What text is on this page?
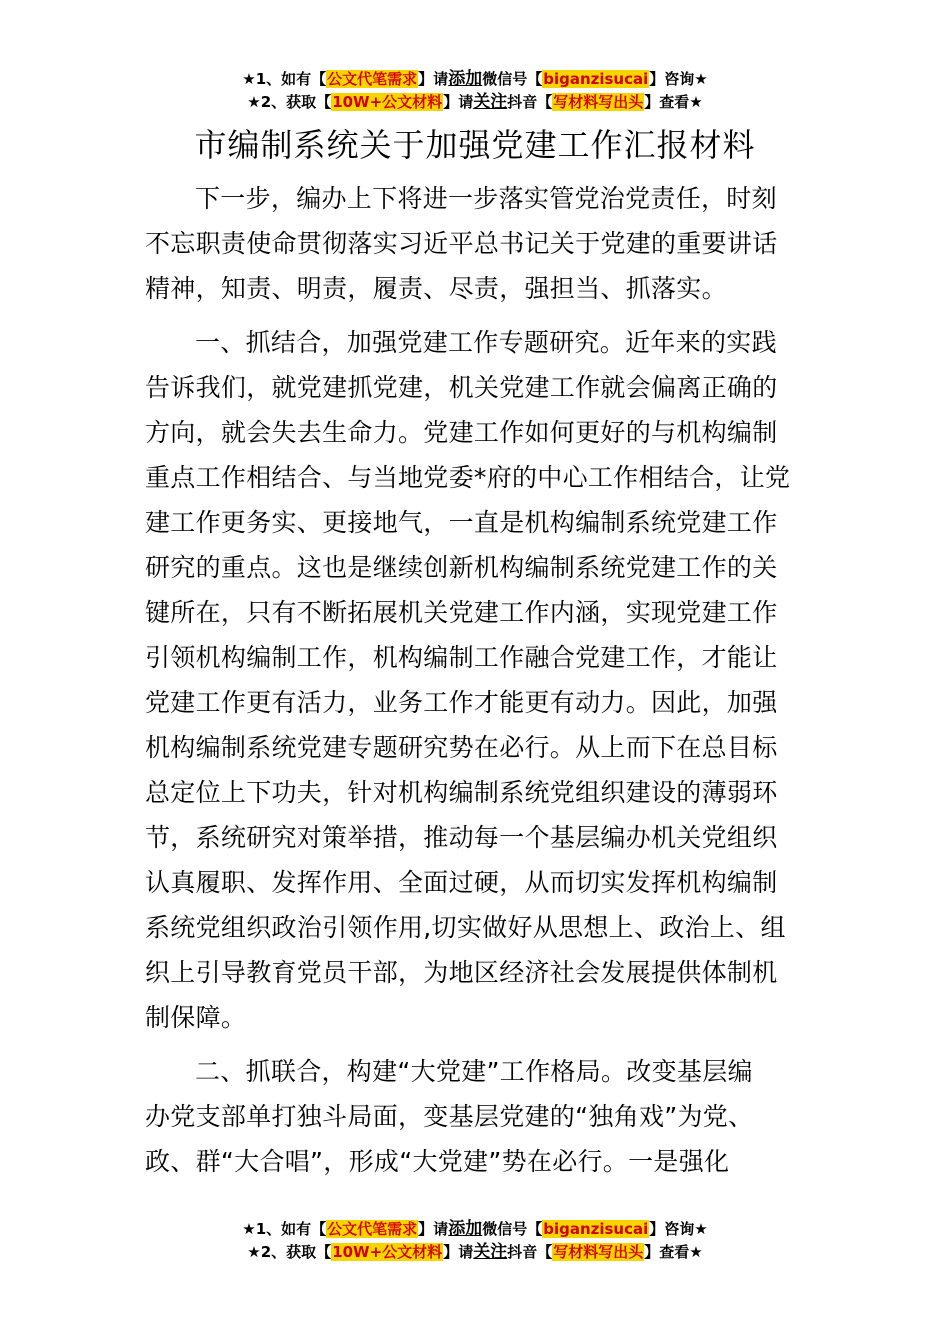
★1、如有【公文代笔需求】请添加微信号【biganzisucai】咨询★
★2、获取【10W+公文材料】请关注抖音【写材料写出头】查看★
市编制系统关于加强党建工作汇报材料
下一步，编办上下将进一步落实管党治党责任，时刻
不忘职责使命贯彻落实习近平总书记关于党建的重要讲话
精神，知责、明责，履责、尽责，强担当、抓落实。
一、抓结合，加强党建工作专题研究。近年来的实践
告诉我们，就党建抓党建，机关党建工作就会偏离正确的
方向，就会失去生命力。党建工作如何更好的与机构编制
重点工作相结合、与当地党委*府的中心工作相结合，让党
建工作更务实、更接地气，一直是机构编制系统党建工作
研究的重点。这也是继续创新机构编制系统党建工作的关
键所在，只有不断拓展机关党建工作内涵，实现党建工作
引领机构编制工作，机构编制工作融合党建工作，才能让
党建工作更有活力，业务工作才能更有动力。因此，加强
机构编制系统党建专题研究势在必行。从上而下在总目标
总定位上下功夫，针对机构编制系统党组织建设的薄弱环
节，系统研究对策举措，推动每一个基层编办机关党组织
认真履职、发挥作用、全面过硬，从而切实发挥机构编制
系统党组织政治引领作用,切实做好从思想上、政治上、组
织上引导教育党员干部，为地区经济社会发展提供体制机
制保障。
二、抓联合，构建“大党建”工作格局。改变基层编
办党支部单打独斗局面，变基层党建的“独角戏”为党、
政、群“大合唱”，形成“大党建”势在必行。一是强化
★1、如有【公文代笔需求】请添加微信号【biganzisucai】咨询★
★2、获取【10W+公文材料】请关注抖音【写材料写出头】查看★
